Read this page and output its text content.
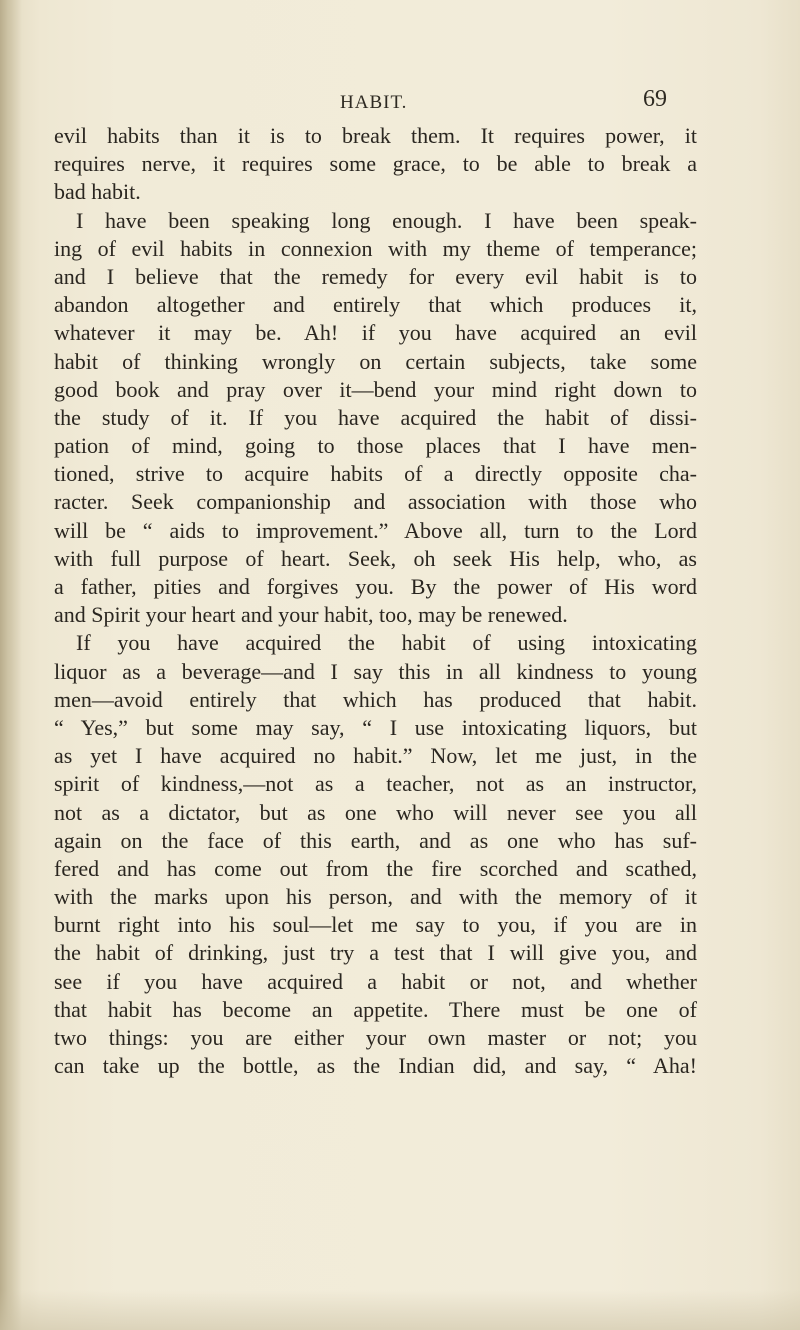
HABIT.	69
evil habits than it is to break them. It requires power, it
requires nerve, it requires some grace, to be able to break a
bad habit.
I have been speaking long enough. I have been speak-
ing of evil habits in connexion with my theme of temperance;
and I believe that the remedy for every evil habit is to
abandon altogether and entirely that which produces it,
whatever it may be. Ah! if you have acquired an evil
habit of thinking wrongly on certain subjects, take some
good book and pray over it—bend your mind right down to
the study of it. If you have acquired the habit of dissi-
pation of mind, going to those places that I have men-
tioned, strive to acquire habits of a directly opposite cha-
racter. Seek companionship and association with those who
will be “ aids to improvement.” Above all, turn to the Lord
with full purpose of heart. Seek, oh seek His help, who, as
a father, pities and forgives you. By the power of His word
and Spirit your heart and your habit, too, may be renewed.
If you have acquired the habit of using intoxicating
liquor as a beverage—and I say this in all kindness to young
men—avoid entirely that which has produced that habit.
“ Yes,” but some may say, “ I use intoxicating liquors, but
as yet I have acquired no habit.” Now, let me just, in the
spirit of kindness,—not as a teacher, not as an instructor,
not as a dictator, but as one who will never see you all
again on the face of this earth, and as one who has suf-
fered and has come out from the fire scorched and scathed,
with the marks upon his person, and with the memory of it
burnt right into his soul—let me say to you, if you are in
the habit of drinking, just try a test that I will give you, and
see if you have acquired a habit or not, and whether
that habit has become an appetite. There must be one of
two things: you are either your own master or not; you
can take up the bottle, as the Indian did, and say, “ Aha!
